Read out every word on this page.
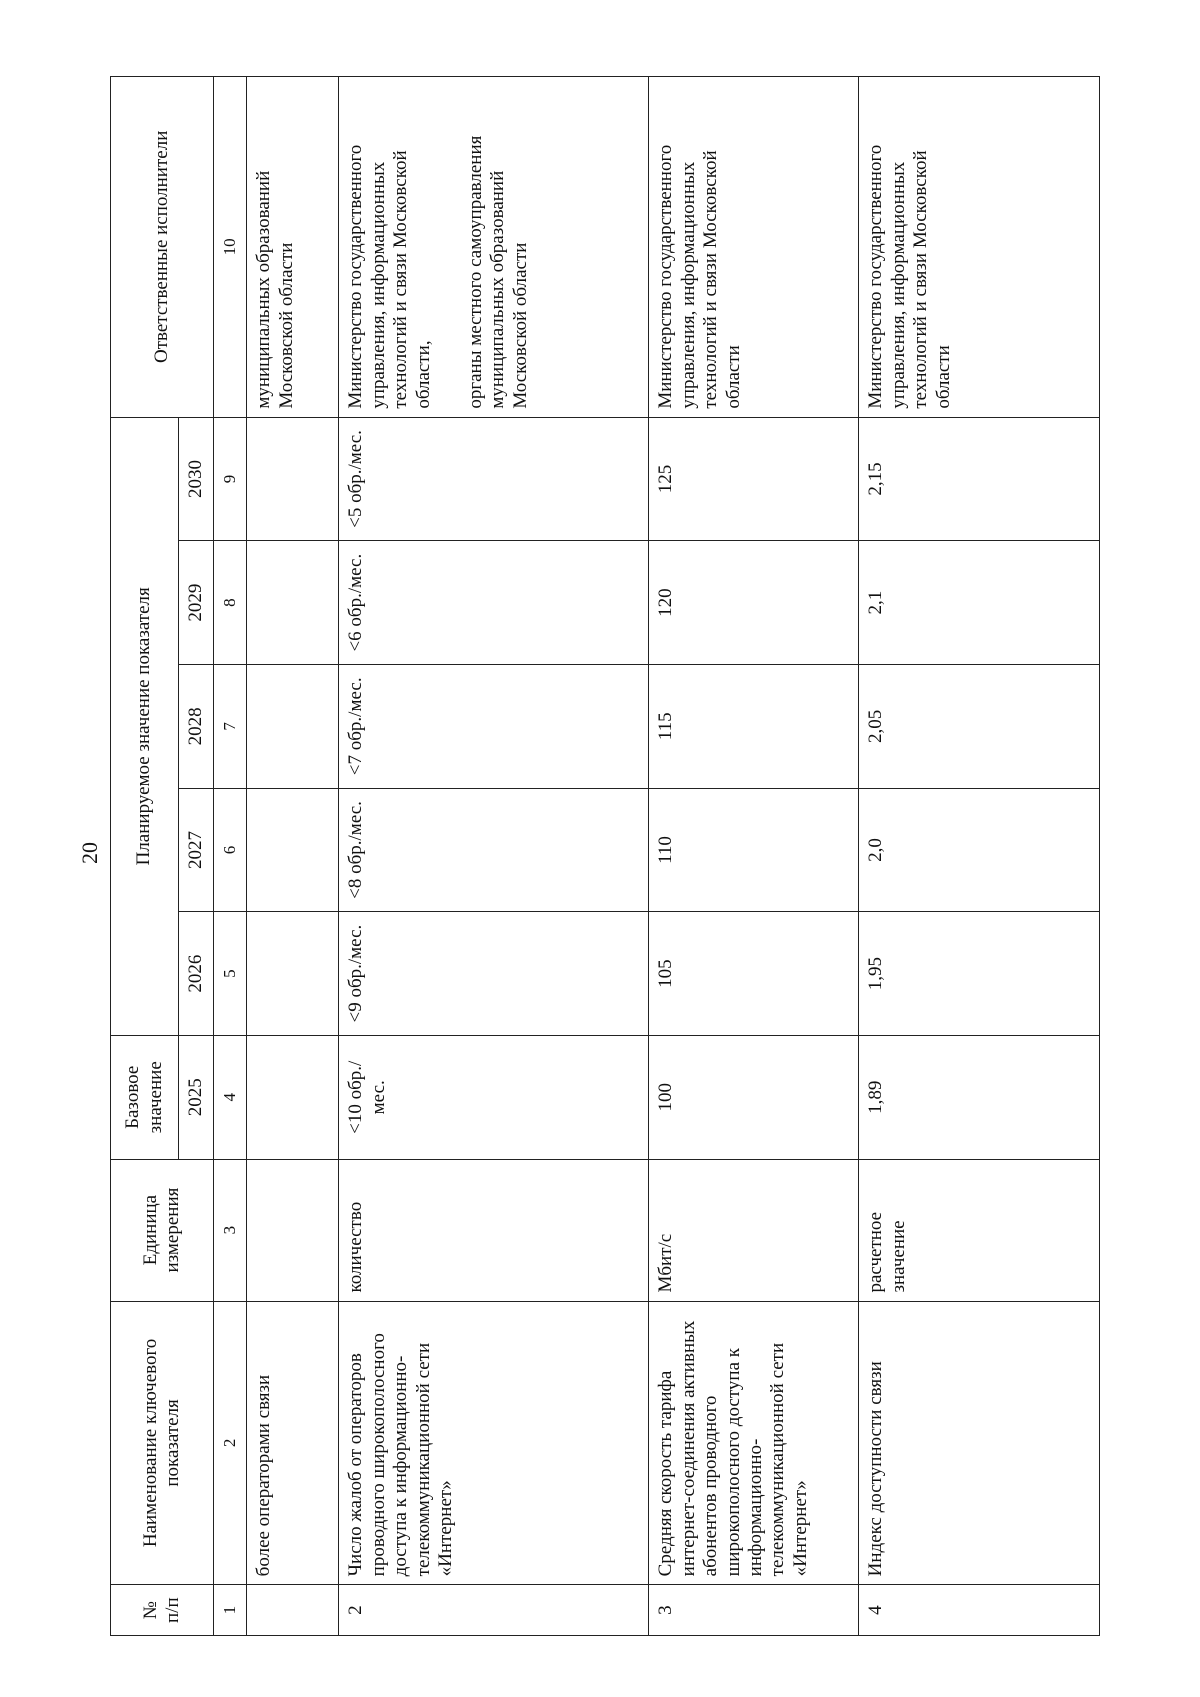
20
№ п/п	Наименование ключевого показателя	Единица измерения	Базовое значение	Планируемое значение показателя					Ответственные исполнители
			2025	2026	2027	2028	2029	2030	
1	2	3	4	5	6	7	8	9	10
	более операторами связи								муниципальных образований Московской области
2	Число жалоб от операторов проводного широкополосного доступа к информационно-телекоммуникационной сети «Интернет»	количество	<10 обр./мес.	<9 обр./мес.	<8 обр./мес.	<7 обр./мес.	<6 обр./мес.	<5 обр./мес.	Министерство государственного управления, информационных технологий и связи Московской области, органы местного самоуправления муниципальных образований Московской области
3	Средняя скорость тарифа интернет-соединения активных абонентов проводного широкополосного доступа к информационно-телекоммуникационной сети «Интернет»	Мбит/с	100	105	110	115	120	125	Министерство государственного управления, информационных технологий и связи Московской области
4	Индекс доступности связи	расчетное значение	1,89	1,95	2,0	2,05	2,1	2,15	Министерство государственного управления, информационных технологий и связи Московской области
